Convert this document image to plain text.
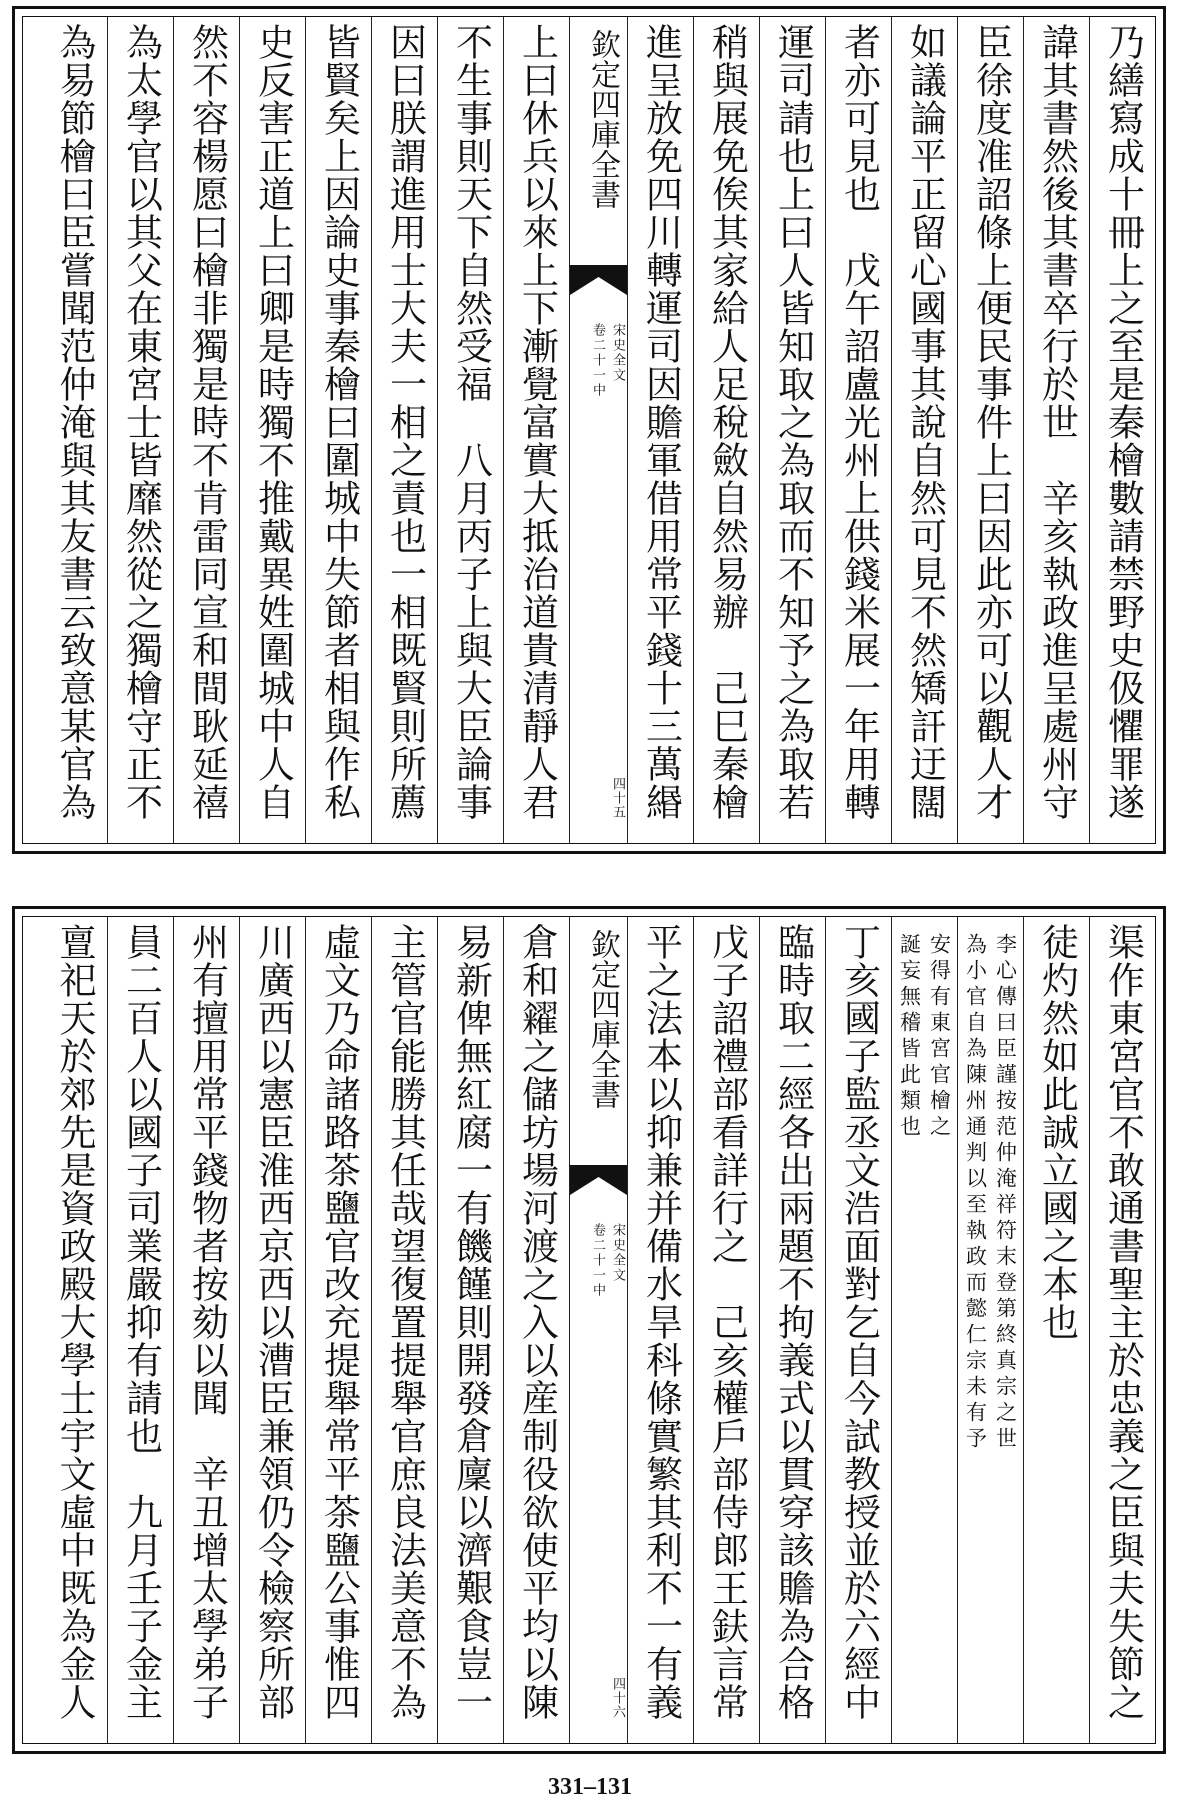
乃繕寫成十冊上之至是秦檜數請禁野史伋懼罪遂
諱其書然後其書卒行於世　辛亥執政進呈處州守
臣徐度准詔條上便民事件上曰因此亦可以觀人才
如議論平正留心國事其說自然可見不然矯訐迂闊
者亦可見也　戊午詔盧光州上供錢米展一年用轉
運司請也上曰人皆知取之為取而不知予之為取若
稍與展免俟其家給人足稅斂自然易辦　己巳秦檜
進呈放免四川轉運司因贍軍借用常平錢十三萬緡
欽定四庫全書
宋史全文
卷二十一中
四十五
上曰休兵以來上下漸覺富實大抵治道貴清靜人君
不生事則天下自然受福　八月丙子上與大臣論事
因曰朕謂進用士大夫一相之責也一相既賢則所薦
皆賢矣上因論史事秦檜曰圍城中失節者相與作私
史反害正道上曰卿是時獨不推戴異姓圍城中人自
然不容楊愿曰檜非獨是時不肯雷同宣和間耿延禧
為太學官以其父在東宮士皆靡然從之獨檜守正不
為易節檜曰臣嘗聞范仲淹與其友書云致意某官為
渠作東宮官不敢通書聖主於忠義之臣與夫失節之
徒灼然如此誠立國之本也
李心傳曰臣謹按范仲淹祥符末登第終真宗之世
為小官自為陳州通判以至執政而懿仁宗未有予
安得有東宮官檜之
誕妄無稽皆此類也
丁亥國子監丞文浩面對乞自今試教授並於六經中
臨時取二經各出兩題不拘義式以貫穿該贍為合格
戊子詔禮部看詳行之　己亥權戶部侍郎王鈇言常
平之法本以抑兼并備水旱科條實繁其利不一有義
欽定四庫全書
宋史全文
卷二十一中
四十六
倉和糴之儲坊場河渡之入以産制役欲使平均以陳
易新俾無紅腐一有饑饉則開發倉廩以濟艱食豈一
主管官能勝其任哉望復置提舉官庶良法美意不為
虛文乃命諸路茶鹽官改充提舉常平茶鹽公事惟四
川廣西以憲臣淮西京西以漕臣兼領仍令檢察所部
州有擅用常平錢物者按劾以聞　辛丑增太學弟子
員二百人以國子司業嚴抑有請也　九月壬子金主
亶祀天於郊先是資政殿大學士宇文虛中既為金人
331–131
